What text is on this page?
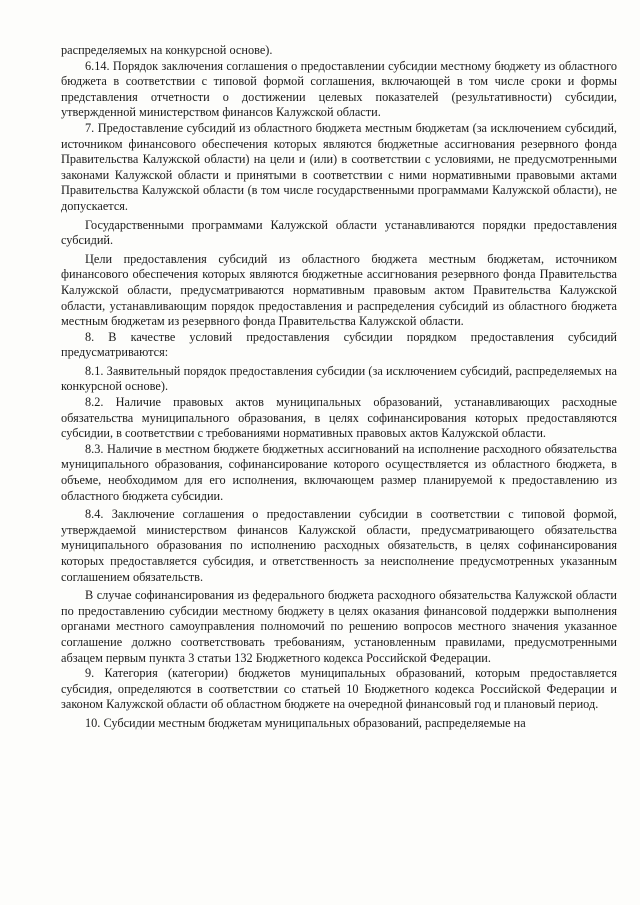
распределяемых на конкурсной основе).

6.14. Порядок заключения соглашения о предоставлении субсидии местному бюджету из областного бюджета в соответствии с типовой формой соглашения, включающей в том числе сроки и формы представления отчетности о достижении целевых показателей (результативности) субсидии, утвержденной министерством финансов Калужской области.

7. Предоставление субсидий из областного бюджета местным бюджетам (за исключением субсидий, источником финансового обеспечения которых являются бюджетные ассигнования резервного фонда Правительства Калужской области) на цели и (или) в соответствии с условиями, не предусмотренными законами Калужской области и принятыми в соответствии с ними нормативными правовыми актами Правительства Калужской области (в том числе государственными программами Калужской области), не допускается.

Государственными программами Калужской области устанавливаются порядки предоставления субсидий.

Цели предоставления субсидий из областного бюджета местным бюджетам, источником финансового обеспечения которых являются бюджетные ассигнования резервного фонда Правительства Калужской области, предусматриваются нормативным правовым актом Правительства Калужской области, устанавливающим порядок предоставления и распределения субсидий из областного бюджета местным бюджетам из резервного фонда Правительства Калужской области.

8. В качестве условий предоставления субсидии порядком предоставления субсидий предусматриваются:

8.1. Заявительный порядок предоставления субсидии (за исключением субсидий, распределяемых на конкурсной основе).

8.2. Наличие правовых актов муниципальных образований, устанавливающих расходные обязательства муниципального образования, в целях софинансирования которых предоставляются субсидии, в соответствии с требованиями нормативных правовых актов Калужской области.

8.3. Наличие в местном бюджете бюджетных ассигнований на исполнение расходного обязательства муниципального образования, софинансирование которого осуществляется из областного бюджета, в объеме, необходимом для его исполнения, включающем размер планируемой к предоставлению из областного бюджета субсидии.

8.4. Заключение соглашения о предоставлении субсидии в соответствии с типовой формой, утверждаемой министерством финансов Калужской области, предусматривающего обязательства муниципального образования по исполнению расходных обязательств, в целях софинансирования которых предоставляется субсидия, и ответственность за неисполнение предусмотренных указанным соглашением обязательств.

В случае софинансирования из федерального бюджета расходного обязательства Калужской области по предоставлению субсидии местному бюджету в целях оказания финансовой поддержки выполнения органами местного самоуправления полномочий по решению вопросов местного значения указанное соглашение должно соответствовать требованиям, установленным правилами, предусмотренными абзацем первым пункта 3 статьи 132 Бюджетного кодекса Российской Федерации.

9. Категория (категории) бюджетов муниципальных образований, которым предоставляется субсидия, определяются в соответствии со статьей 10 Бюджетного кодекса Российской Федерации и законом Калужской области об областном бюджете на очередной финансовый год и плановый период.

10. Субсидии местным бюджетам муниципальных образований, распределяемые на
